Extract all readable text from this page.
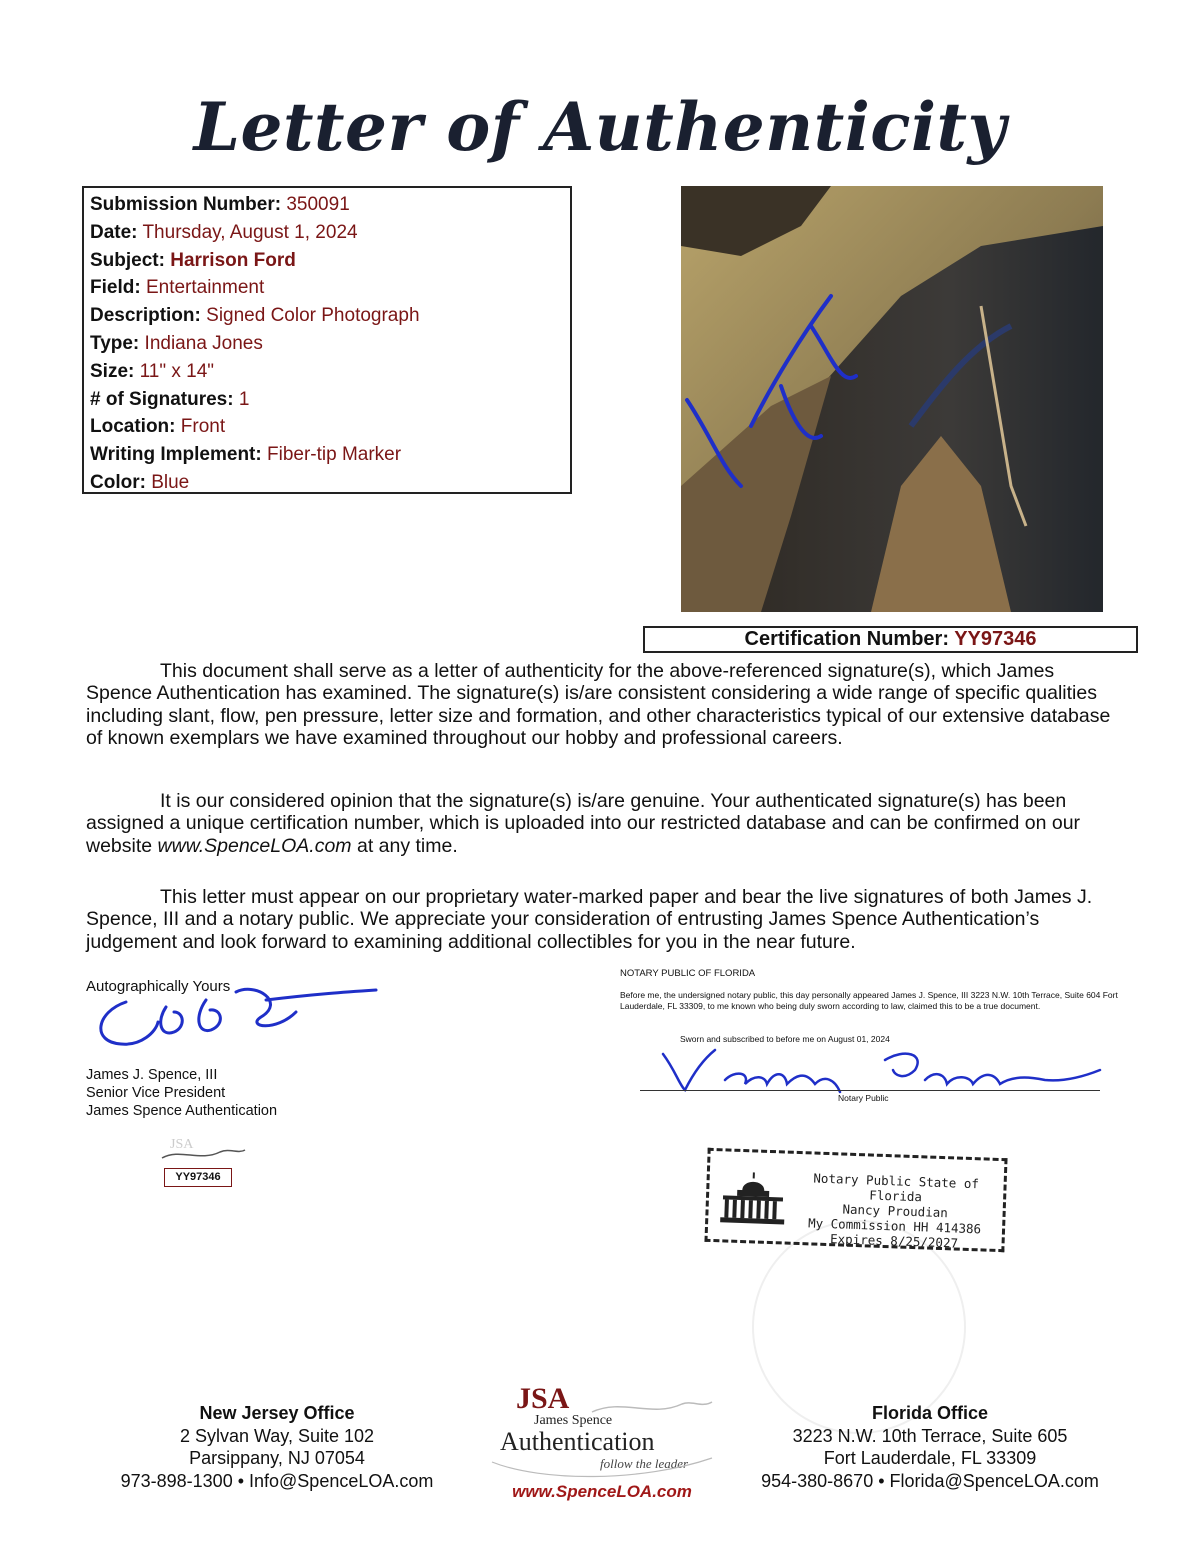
Letter of Authenticity
Submission Number: 350091
Date: Thursday, August 1, 2024
Subject: Harrison Ford
Field: Entertainment
Description: Signed Color Photograph
Type: Indiana Jones
Size: 11" x 14"
# of Signatures: 1
Location: Front
Writing Implement: Fiber-tip Marker
Color: Blue
Certification Number: YY97346
This document shall serve as a letter of authenticity for the above-referenced signature(s), which James Spence Authentication has examined. The signature(s) is/are consistent considering a wide range of specific qualities including slant, flow, pen pressure, letter size and formation, and other characteristics typical of our extensive database of known exemplars we have examined throughout our hobby and professional careers.
It is our considered opinion that the signature(s) is/are genuine. Your authenticated signature(s) has been assigned a unique certification number, which is uploaded into our restricted database and can be confirmed on our website www.SpenceLOA.com at any time.
This letter must appear on our proprietary water-marked paper and bear the live signatures of both James J. Spence, III and a notary public. We appreciate your consideration of entrusting James Spence Authentication’s judgement and look forward to examining additional collectibles for you in the near future.
Autographically Yours
James J. Spence, III
Senior Vice President
James Spence Authentication
JSA
YY97346
NOTARY PUBLIC OF FLORIDA
Before me, the undersigned notary public, this day personally appeared James J. Spence, III 3223 N.W. 10th Terrace, Suite 604 Fort Lauderdale, FL 33309, to me known who being duly sworn according to law, claimed this to be a true document.
Sworn and subscribed to before me on August 01, 2024
Notary Public
Notary Public State of Florida
Nancy Proudian
My Commission HH 414386
Expires 8/25/2027
New Jersey Office
2 Sylvan Way, Suite 102
Parsippany, NJ 07054
973-898-1300 • Info@SpenceLOA.com
JSA
James Spence
Authentication
follow the leader
www.SpenceLOA.com
Florida Office
3223 N.W. 10th Terrace, Suite 605
Fort Lauderdale, FL 33309
954-380-8670 • Florida@SpenceLOA.com
